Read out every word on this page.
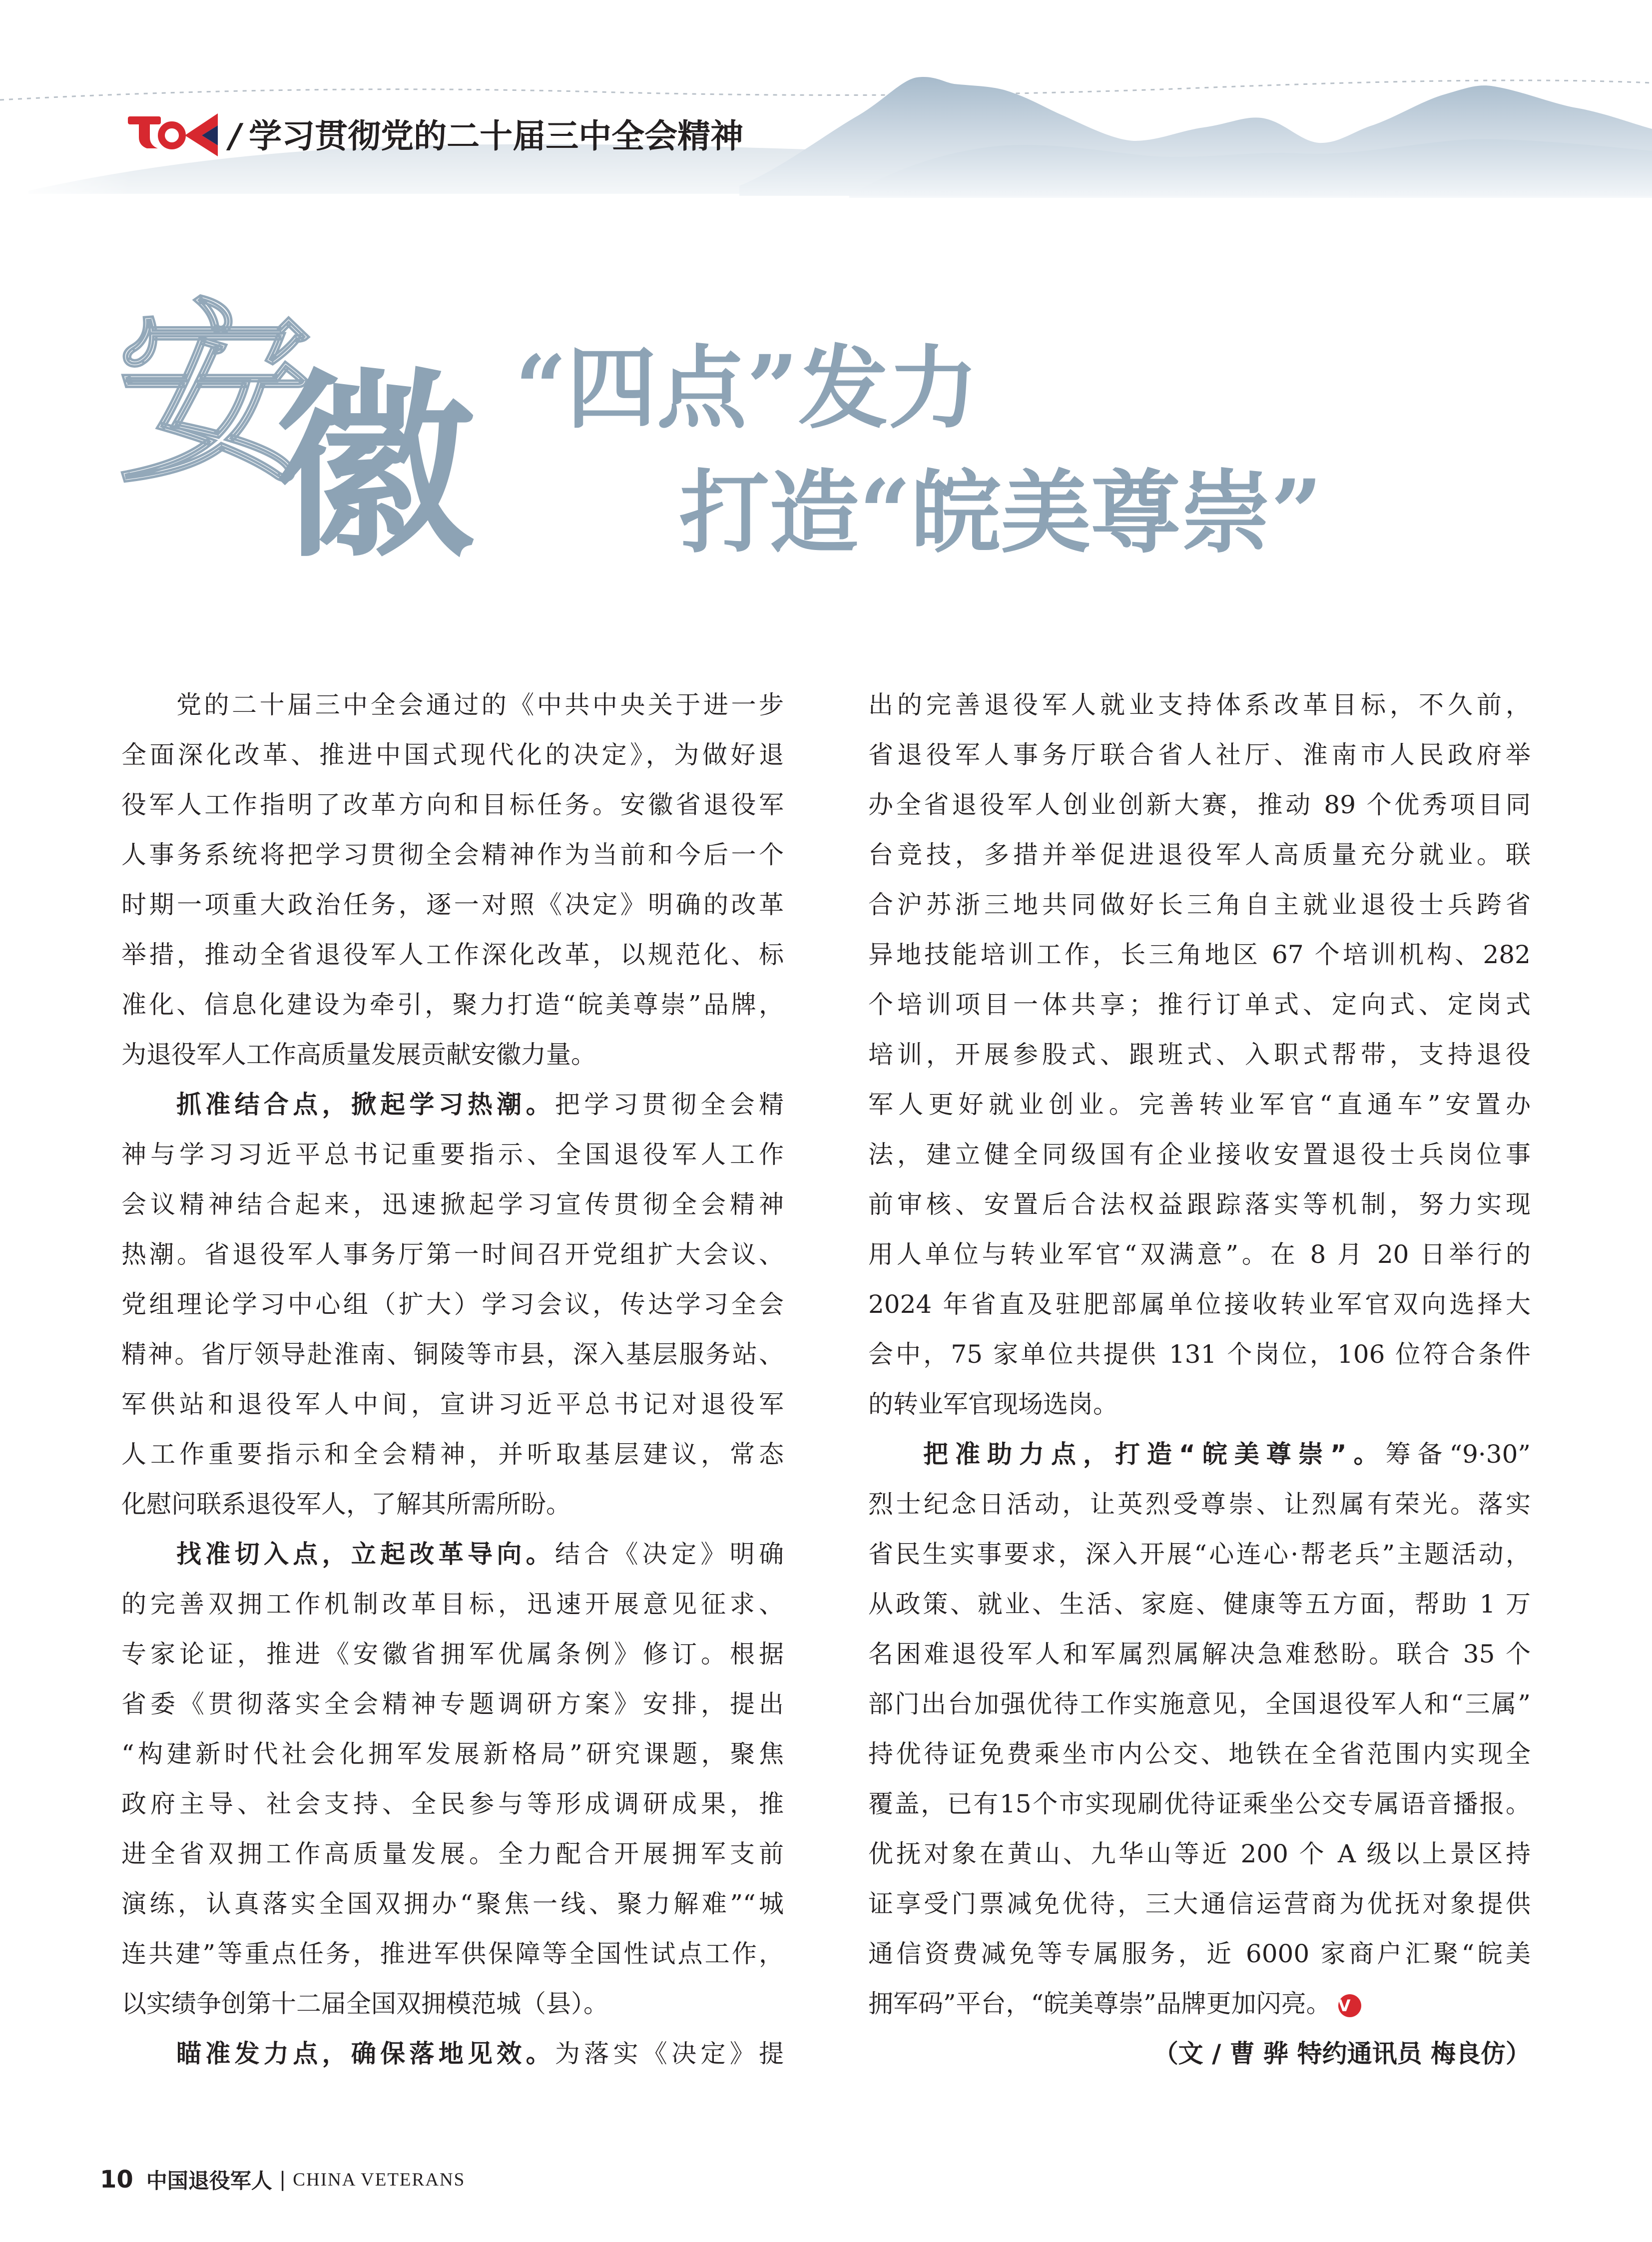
/ 学习贯彻党的二十届三中全会精神
安
徽 “四点”发力
打造“皖美尊崇”
党的二十届三中全会通过的《中共中央关于进一步
全面深化改革、推进中国式现代化的决定》，为做好退
役军人工作指明了改革方向和目标任务。安徽省退役军
人事务系统将把学习贯彻全会精神作为当前和今后一个
时期一项重大政治任务，逐一对照《决定》明确的改革
举措，推动全省退役军人工作深化改革，以规范化、标
准化、信息化建设为牵引，聚力打造“皖美尊崇”品牌，
为退役军人工作高质量发展贡献安徽力量。
抓准结合点，掀起学习热潮。把学习贯彻全会精
神与学习习近平总书记重要指示、全国退役军人工作
会议精神结合起来，迅速掀起学习宣传贯彻全会精神
热潮。省退役军人事务厅第一时间召开党组扩大会议、
党组理论学习中心组（扩大）学习会议，传达学习全会
精神。省厅领导赴淮南、铜陵等市县，深入基层服务站、
军供站和退役军人中间，宣讲习近平总书记对退役军
人工作重要指示和全会精神，并听取基层建议，常态
化慰问联系退役军人，了解其所需所盼。
找准切入点，立起改革导向。结合《决定》明确
的完善双拥工作机制改革目标，迅速开展意见征求、
专家论证，推进《安徽省拥军优属条例》修订。根据
省委《贯彻落实全会精神专题调研方案》安排，提出
“构建新时代社会化拥军发展新格局”研究课题，聚焦
政府主导、社会支持、全民参与等形成调研成果，推
进全省双拥工作高质量发展。全力配合开展拥军支前
演练，认真落实全国双拥办“聚焦一线、聚力解难”“城
连共建”等重点任务，推进军供保障等全国性试点工作，
以实绩争创第十二届全国双拥模范城（县）。
瞄准发力点，确保落地见效。为落实《决定》提
出的完善退役军人就业支持体系改革目标，不久前，
省退役军人事务厅联合省人社厅、淮南市人民政府举
办全省退役军人创业创新大赛，推动 89 个优秀项目同
台竞技，多措并举促进退役军人高质量充分就业。联
合沪苏浙三地共同做好长三角自主就业退役士兵跨省
异地技能培训工作，长三角地区 67 个培训机构、282
个培训项目一体共享；推行订单式、定向式、定岗式
培训，开展参股式、跟班式、入职式帮带，支持退役
军人更好就业创业。完善转业军官“直通车”安置办
法，建立健全同级国有企业接收安置退役士兵岗位事
前审核、安置后合法权益跟踪落实等机制，努力实现
用人单位与转业军官“双满意”。在 8 月 20 日举行的
2024 年省直及驻肥部属单位接收转业军官双向选择大
会中，75 家单位共提供 131 个岗位，106 位符合条件
的转业军官现场选岗。
把准助力点，打造“皖美尊崇”。筹备“9·30”
烈士纪念日活动，让英烈受尊崇、让烈属有荣光。落实
省民生实事要求，深入开展“心连心·帮老兵”主题活动，
从政策、就业、生活、家庭、健康等五方面，帮助 1 万
名困难退役军人和军属烈属解决急难愁盼。联合 35 个
部门出台加强优待工作实施意见，全国退役军人和“三属”
持优待证免费乘坐市内公交、地铁在全省范围内实现全
覆盖，已有15个市实现刷优待证乘坐公交专属语音播报。
优抚对象在黄山、九华山等近 200 个 A 级以上景区持
证享受门票减免优待，三大通信运营商为优抚对象提供
通信资费减免等专属服务，近 6000 家商户汇聚“皖美
拥军码”平台，“皖美尊崇”品牌更加闪亮。 V
（文 / 曹 骅 特约通讯员 梅良仿）
10 中国退役军人 | CHINA VETERANS
